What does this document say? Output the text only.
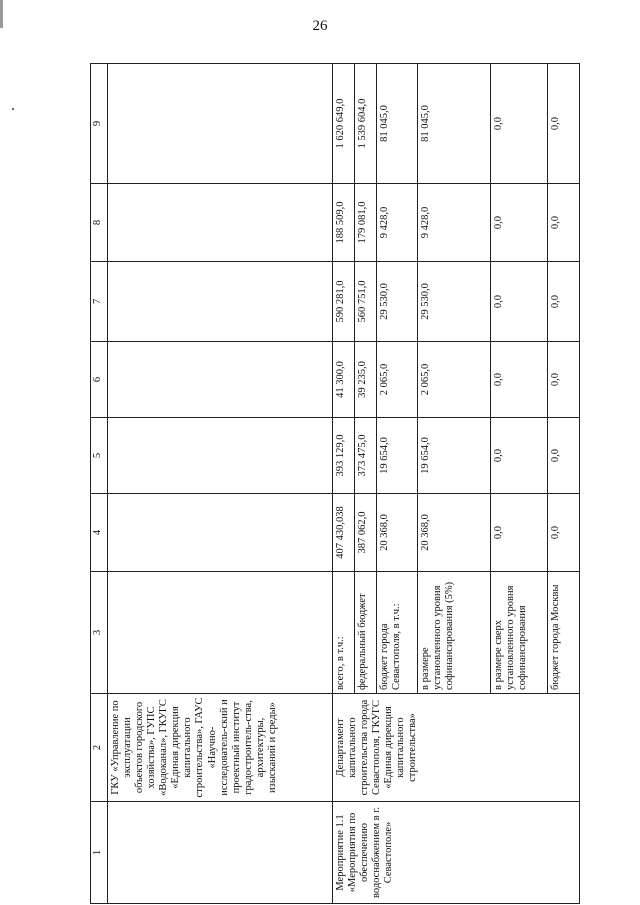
26
1	2	3	4	5	6	7	8	9
	ГКУ «Управление по эксплуатации объектов городского хозяйства», ГУПС «Водоканал», ГКУГС «Единая дирекция капитального строительства», ГАУС «Научно-исследователь-ский и проектный институт градостроитель-ства, архитектуры, изысканий и среды»							
Мероприятие 1.1 «Мероприятия по обеспечению водоснабжением в г. Севастополе»	Департамент капитального строительства города Севастополя, ГКУГС «Единая дирекция капитального строительства»	всего, в т.ч.:	407 430,038	393 129,0	41 300,0	590 281,0	188 509,0	1 620 649,0
		федеральный бюджет	387 062,0	373 475,0	39 235,0	560 751,0	179 081,0	1 539 604,0
		бюджет города Севастополя, в т.ч.:	20 368,0	19 654,0	2 065,0	29 530,0	9 428,0	81 045,0
		в размере установленного уровня софинансирования (5%)	20 368,0	19 654,0	2 065,0	29 530,0	9 428,0	81 045,0
		в размере сверх установленного уровня софинансирования	0,0	0,0	0,0	0,0	0,0	0,0
		бюджет города Москвы	0,0	0,0	0,0	0,0	0,0	0,0
